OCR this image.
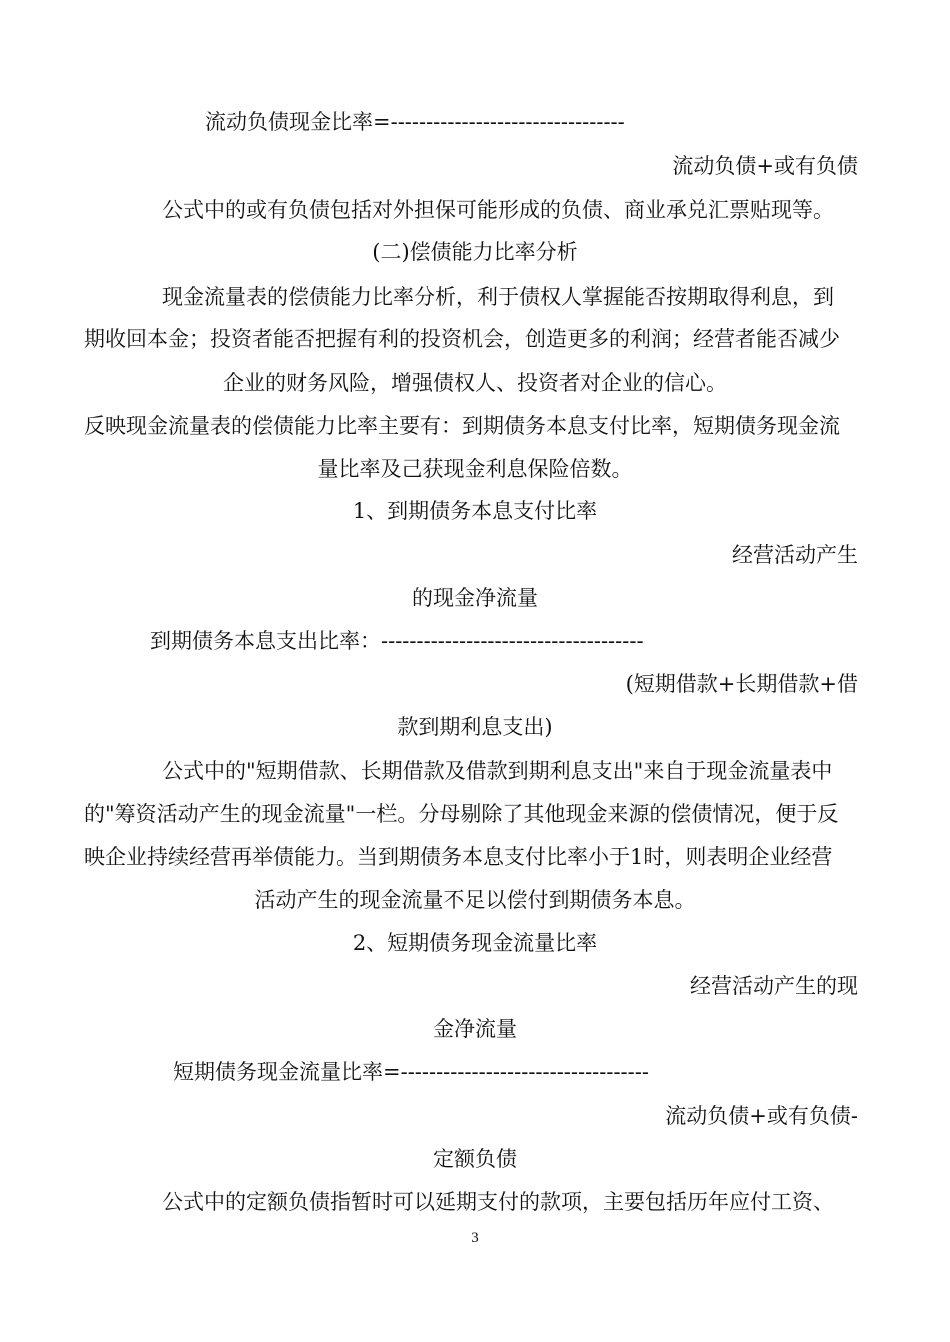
流动负债现金比率=---------------------------------
流动负债+或有负债
公式中的或有负债包括对外担保可能形成的负债、商业承兑汇票贴现等。
(二)偿债能力比率分析
现金流量表的偿债能力比率分析，利于债权人掌握能否按期取得利息，到
期收回本金；投资者能否把握有利的投资机会，创造更多的利润；经营者能否减少
企业的财务风险，增强债权人、投资者对企业的信心。
反映现金流量表的偿债能力比率主要有：到期债务本息支付比率，短期债务现金流
量比率及己获现金利息保险倍数。
1、到期债务本息支付比率
经营活动产生
的现金净流量
到期债务本息支出比率：-------------------------------------
(短期借款+长期借款+借
款到期利息支出)
公式中的"短期借款、长期借款及借款到期利息支出"来自于现金流量表中
的"筹资活动产生的现金流量"一栏。分母剔除了其他现金来源的偿债情况，便于反
映企业持续经营再举债能力。当到期债务本息支付比率小于1时，则表明企业经营
活动产生的现金流量不足以偿付到期债务本息。
2、短期债务现金流量比率
经营活动产生的现
金净流量
短期债务现金流量比率=-----------------------------------
流动负债+或有负债-
定额负债
公式中的定额负债指暂时可以延期支付的款项，主要包括历年应付工资、
3
